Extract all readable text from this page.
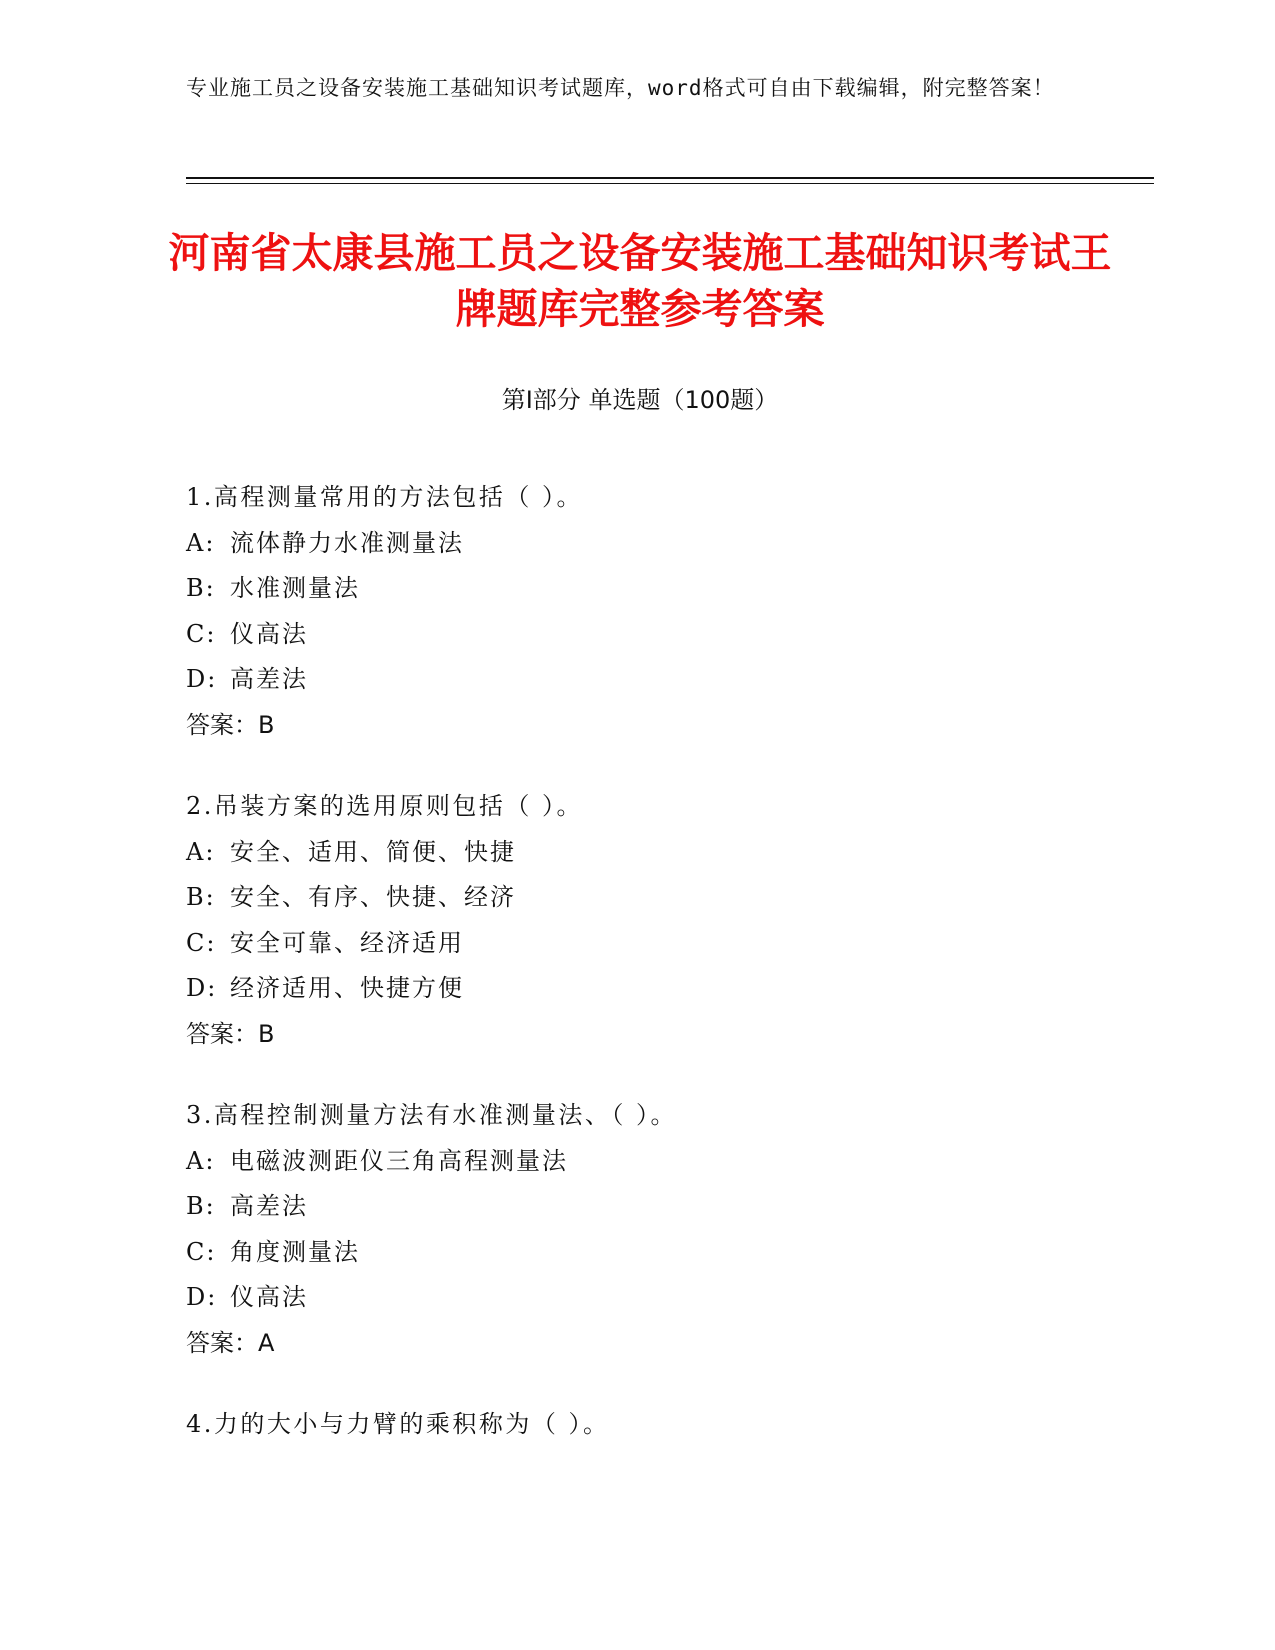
专业施工员之设备安装施工基础知识考试题库，word格式可自由下载编辑，附完整答案！
河南省太康县施工员之设备安装施工基础知识考试王牌题库完整参考答案
第I部分 单选题（100题）
1.高程测量常用的方法包括（ ）。
A: 流体静力水准测量法
B: 水准测量法
C: 仪高法
D: 高差法
答案：B
2.吊装方案的选用原则包括（ ）。
A: 安全、适用、简便、快捷
B: 安全、有序、快捷、经济
C: 安全可靠、经济适用
D: 经济适用、快捷方便
答案：B
3.高程控制测量方法有水准测量法、（ ）。
A: 电磁波测距仪三角高程测量法
B: 高差法
C: 角度测量法
D: 仪高法
答案：A
4.力的大小与力臂的乘积称为（ ）。
